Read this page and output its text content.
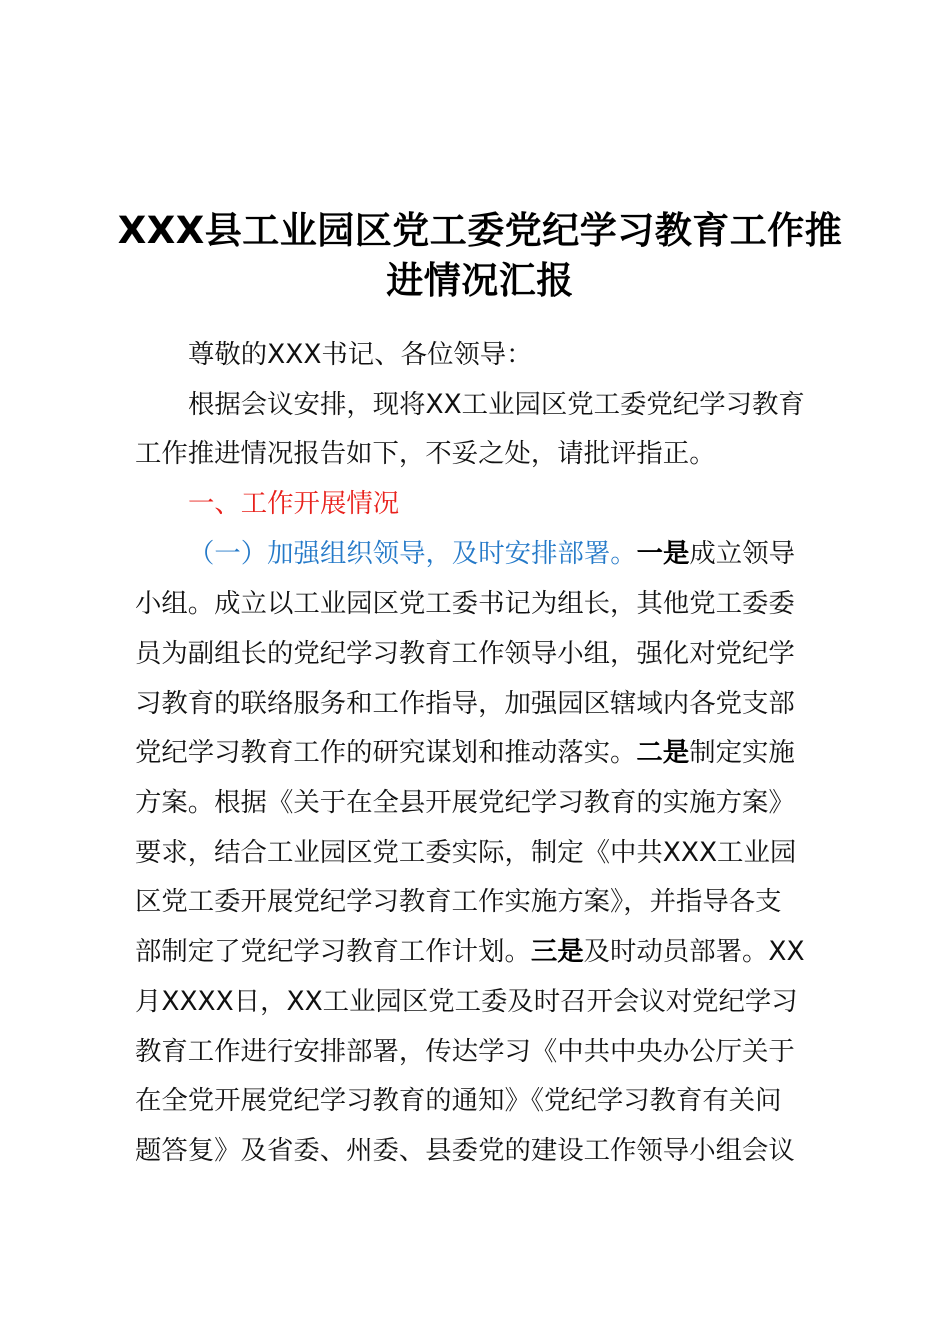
XXX县工业园区党工委党纪学习教育工作推
进情况汇报
尊敬的XXX书记、各位领导：
根据会议安排，现将XX工业园区党工委党纪学习教育
工作推进情况报告如下，不妥之处，请批评指正。
一、工作开展情况
（一）加强组织领导，及时安排部署。一是成立领导
小组。成立以工业园区党工委书记为组长，其他党工委委
员为副组长的党纪学习教育工作领导小组，强化对党纪学
习教育的联络服务和工作指导，加强园区辖域内各党支部
党纪学习教育工作的研究谋划和推动落实。二是制定实施
方案。根据《关于在全县开展党纪学习教育的实施方案》
要求，结合工业园区党工委实际，制定《中共XXX工业园
区党工委开展党纪学习教育工作实施方案》，并指导各支
部制定了党纪学习教育工作计划。三是及时动员部署。XX
月XXXX日，XX工业园区党工委及时召开会议对党纪学习
教育工作进行安排部署，传达学习《中共中央办公厅关于
在全党开展党纪学习教育的通知》《党纪学习教育有关问
题答复》及省委、州委、县委党的建设工作领导小组会议
